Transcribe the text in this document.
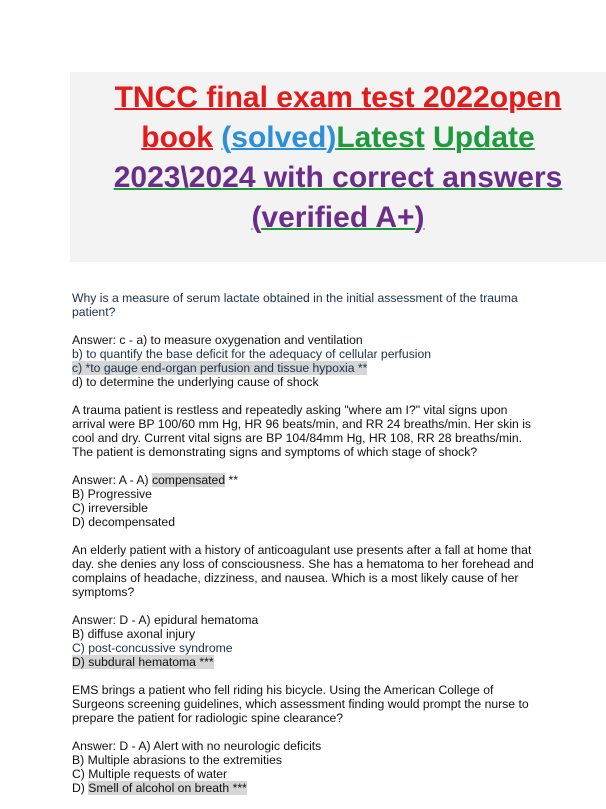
TNCC final exam test 2022open
book (solved)Latest Update
2023\2024 with correct answers
(verified A+)
Why is a measure of serum lactate obtained in the initial assessment of the trauma patient?
Answer: c - a) to measure oxygenation and ventilation
b) to quantify the base deficit for the adequacy of cellular perfusion
c) *to gauge end-organ perfusion and tissue hypoxia **
d) to determine the underlying cause of shock
A trauma patient is restless and repeatedly asking "where am I?" vital signs upon arrival were BP 100/60 mm Hg, HR 96 beats/min, and RR 24 breaths/min. Her skin is cool and dry. Current vital signs are BP 104/84mm Hg, HR 108, RR 28 breaths/min. The patient is demonstrating signs and symptoms of which stage of shock?
Answer: A - A) compensated **
B) Progressive
C) irreversible
D) decompensated
An elderly patient with a history of anticoagulant use presents after a fall at home that day. she denies any loss of consciousness. She has a hematoma to her forehead and complains of headache, dizziness, and nausea. Which is a most likely cause of her symptoms?
Answer: D - A) epidural hematoma
B) diffuse axonal injury
C) post-concussive syndrome
D) subdural hematoma ***
EMS brings a patient who fell riding his bicycle. Using the American College of Surgeons screening guidelines, which assessment finding would prompt the nurse to prepare the patient for radiologic spine clearance?
Answer: D - A) Alert with no neurologic deficits
B) Multiple abrasions to the extremities
C) Multiple requests of water
D) Smell of alcohol on breath ***
